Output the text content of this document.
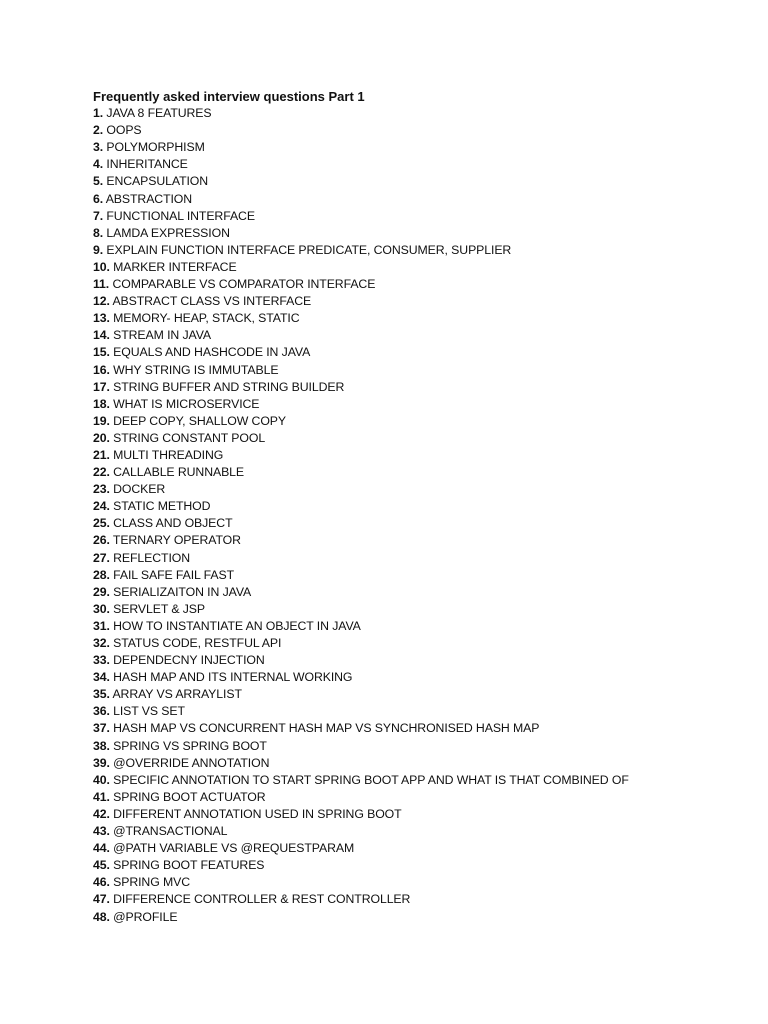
Frequently asked interview questions Part 1
1. JAVA 8 FEATURES
2. OOPS
3. POLYMORPHISM
4. INHERITANCE
5. ENCAPSULATION
6. ABSTRACTION
7. FUNCTIONAL INTERFACE
8. LAMDA EXPRESSION
9. EXPLAIN FUNCTION INTERFACE PREDICATE, CONSUMER, SUPPLIER
10. MARKER INTERFACE
11. COMPARABLE VS COMPARATOR INTERFACE
12. ABSTRACT CLASS VS INTERFACE
13. MEMORY- HEAP, STACK, STATIC
14. STREAM IN JAVA
15. EQUALS AND HASHCODE IN JAVA
16. WHY STRING IS IMMUTABLE
17. STRING BUFFER AND STRING BUILDER
18. WHAT IS MICROSERVICE
19. DEEP COPY, SHALLOW COPY
20. STRING CONSTANT POOL
21. MULTI THREADING
22. CALLABLE RUNNABLE
23. DOCKER
24. STATIC METHOD
25. CLASS AND OBJECT
26. TERNARY OPERATOR
27. REFLECTION
28. FAIL SAFE FAIL FAST
29. SERIALIZAITON IN JAVA
30. SERVLET & JSP
31. HOW TO INSTANTIATE AN OBJECT IN JAVA
32. STATUS CODE, RESTFUL API
33. DEPENDECNY INJECTION
34. HASH MAP AND ITS INTERNAL WORKING
35. ARRAY VS ARRAYLIST
36. LIST VS SET
37. HASH MAP VS CONCURRENT HASH MAP VS SYNCHRONISED HASH MAP
38. SPRING VS SPRING BOOT
39. @OVERRIDE ANNOTATION
40. SPECIFIC ANNOTATION TO START SPRING BOOT APP AND WHAT IS THAT COMBINED OF
41. SPRING BOOT ACTUATOR
42. DIFFERENT ANNOTATION USED IN SPRING BOOT
43. @TRANSACTIONAL
44. @PATH VARIABLE VS @REQUESTPARAM
45. SPRING BOOT FEATURES
46. SPRING MVC
47. DIFFERENCE CONTROLLER & REST CONTROLLER
48. @PROFILE
